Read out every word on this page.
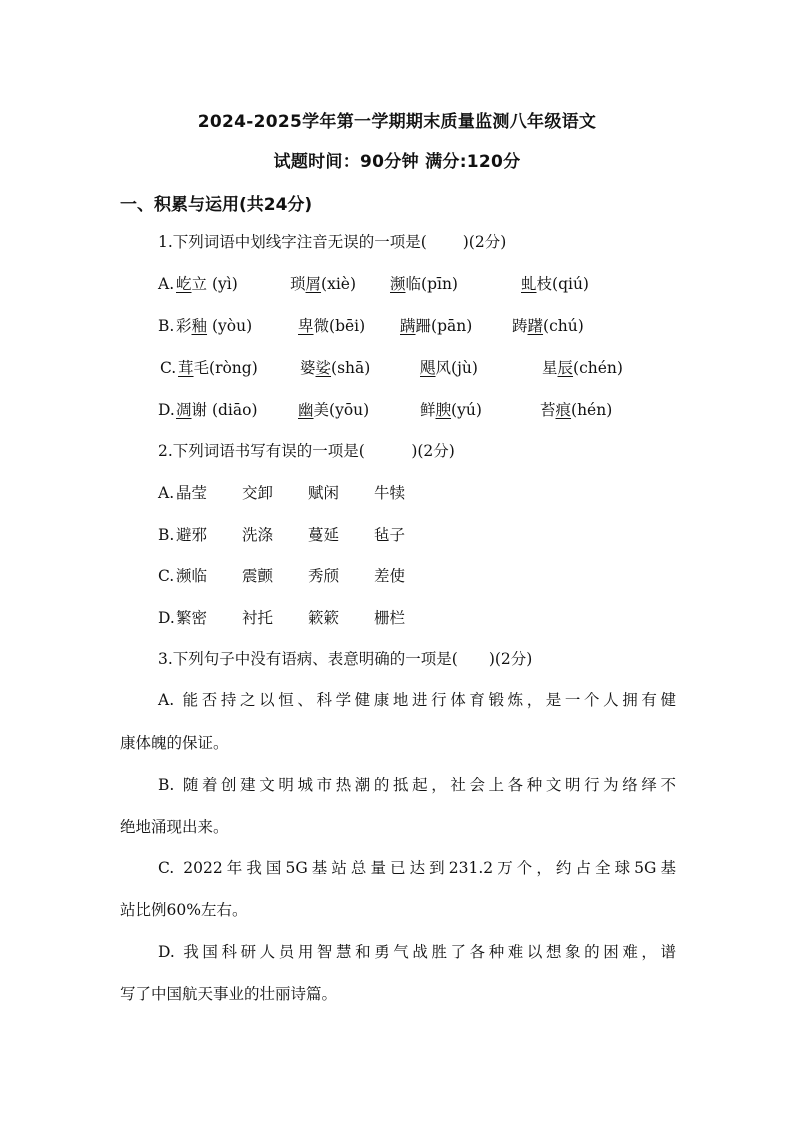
2024-2025学年第一学期期末质量监测八年级语文
试题时间：90分钟 满分:120分
一、积累与运用(共24分)
1.下列词语中划线字注音无误的一项是(　　 )(2分)
A. 屹立 (yì)	琐屑(xiè) 濒临(pīn)	虬枝(qiú)
B. 彩釉 (yòu)	卑微(bēi) 蹒跚(pān)	踌躇(chú)
C. 茸毛(ròng)	婆娑(shā)	飓风(jù)	星辰(chén)
D. 凋谢 (diāo)	幽美(yōu)	鲜腴(yú)	苔痕(hén)
2.下列词语书写有误的一项是(　　　)(2分)
A. 晶莹 交卸 赋闲 牛犊
B. 避邪 洗涤 蔓延 毡子
C. 濒临 震颤 秀颀 差使
D. 繁密 衬托 簌簌 栅栏
3.下列句子中没有语病、表意明确的一项是(　　)(2分)
A. 能否持之以恒、科学健康地进行体育锻炼，是一个人拥有健
康体魄的保证。
B. 随着创建文明城市热潮的抵起，社会上各种文明行为络绎不
绝地涌现出来。
C. 2022年我国5G基站总量已达到231.2万个，约占全球5G基
站比例60%左右。
D. 我国科研人员用智慧和勇气战胜了各种难以想象的困难，谱
写了中国航天事业的壮丽诗篇。
